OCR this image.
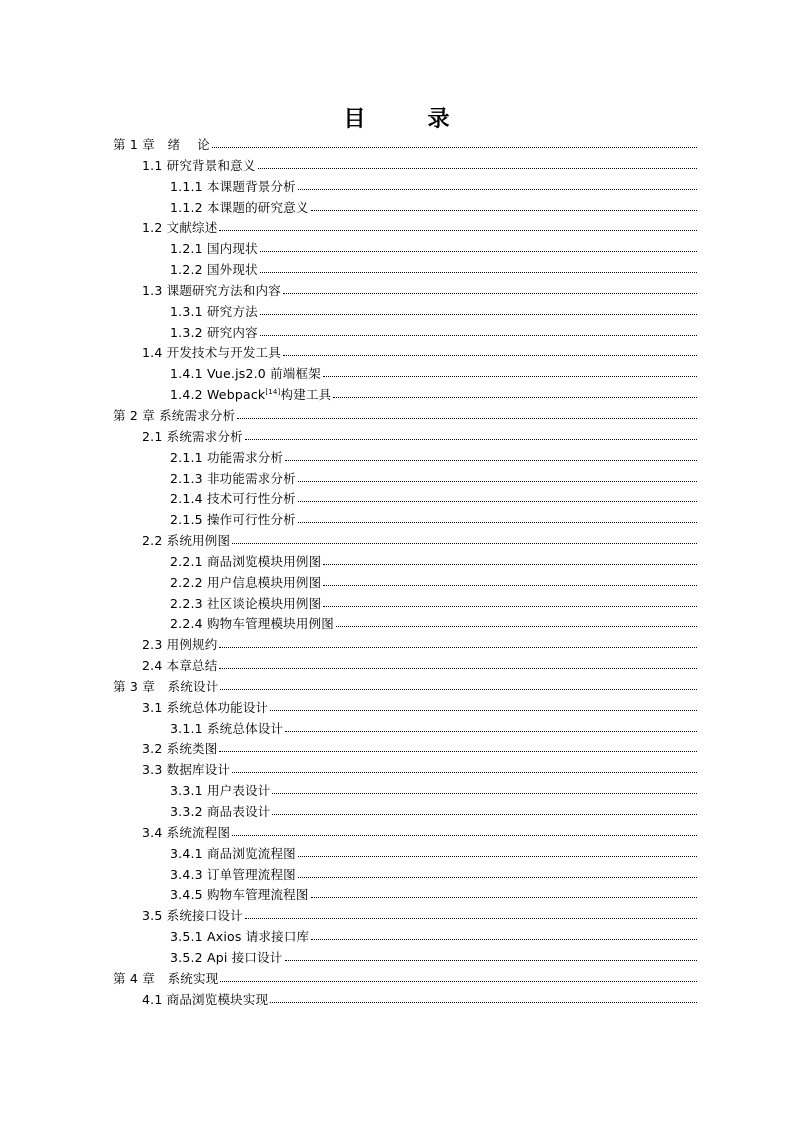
目　录
第 1 章　绪　 论
1.1 研究背景和意义
1.1.1 本课题背景分析
1.1.2 本课题的研究意义
1.2 文献综述
1.2.1 国内现状
1.2.2 国外现状
1.3 课题研究方法和内容
1.3.1 研究方法
1.3.2 研究内容
1.4 开发技术与开发工具
1.4.1 Vue.js2.0 前端框架
1.4.2 Webpack[14]构建工具
第 2 章 系统需求分析
2.1 系统需求分析
2.1.1 功能需求分析
2.1.3 非功能需求分析
2.1.4 技术可行性分析
2.1.5 操作可行性分析
2.2 系统用例图
2.2.1 商品浏览模块用例图
2.2.2 用户信息模块用例图
2.2.3 社区谈论模块用例图
2.2.4 购物车管理模块用例图
2.3 用例规约
2.4 本章总结
第 3 章　系统设计
3.1 系统总体功能设计
3.1.1 系统总体设计
3.2 系统类图
3.3 数据库设计
3.3.1 用户表设计
3.3.2 商品表设计
3.4 系统流程图
3.4.1 商品浏览流程图
3.4.3 订单管理流程图
3.4.5 购物车管理流程图
3.5 系统接口设计
3.5.1 Axios 请求接口库
3.5.2 Api 接口设计
第 4 章　系统实现
4.1 商品浏览模块实现
